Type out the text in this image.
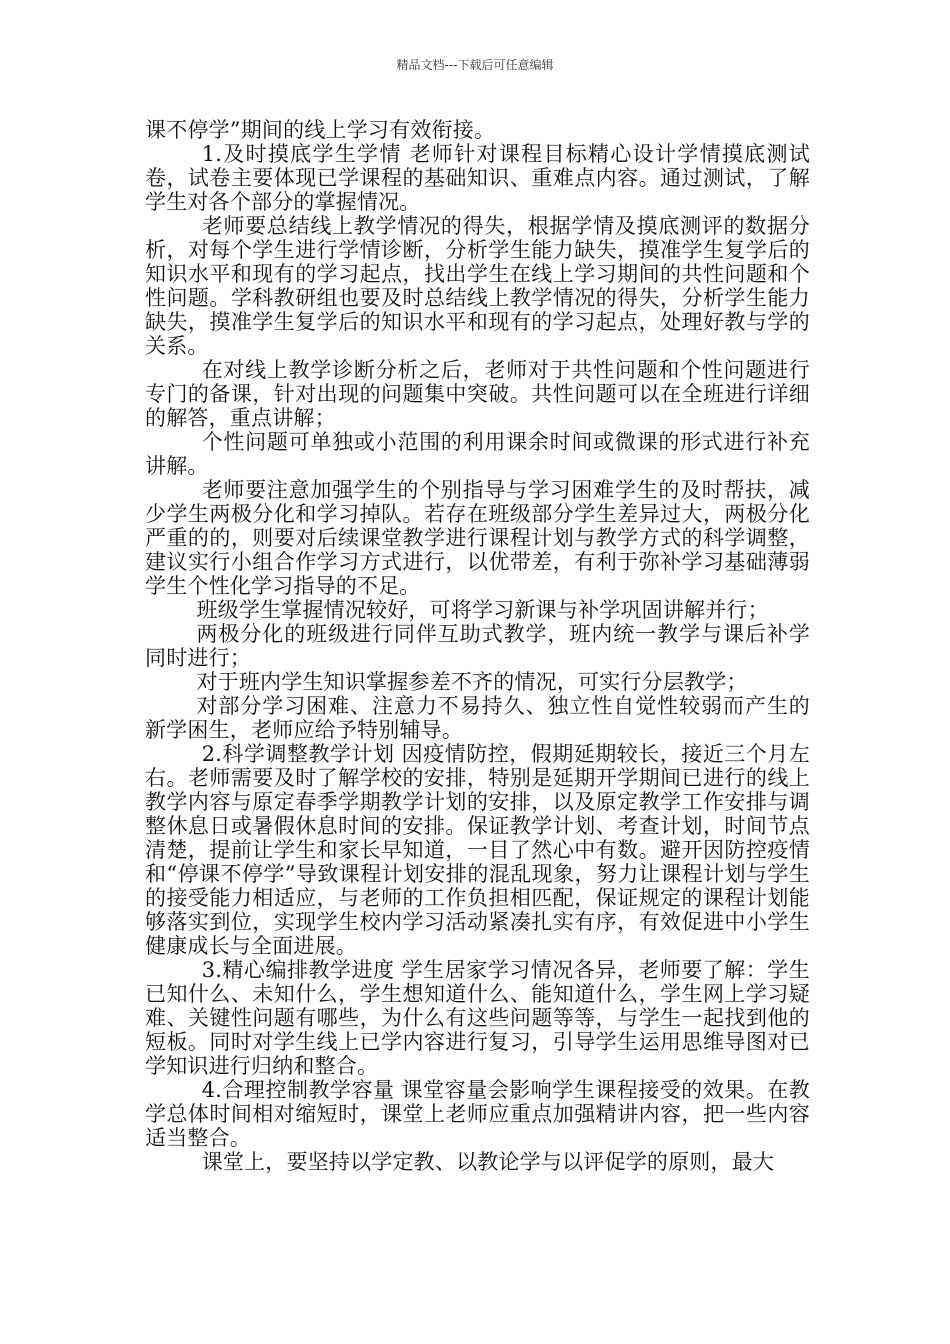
精品文档---下载后可任意编辑

课不停学”期间的线上学习有效衔接。

1.及时摸底学生学情 老师针对课程目标精心设计学情摸底测试卷，试卷主要体现已学课程的基础知识、重难点内容。通过测试，了解学生对各个部分的掌握情况。

老师要总结线上教学情况的得失，根据学情及摸底测评的数据分析，对每个学生进行学情诊断，分析学生能力缺失，摸准学生复学后的知识水平和现有的学习起点，找出学生在线上学习期间的共性问题和个性问题。学科教研组也要及时总结线上教学情况的得失，分析学生能力缺失，摸准学生复学后的知识水平和现有的学习起点，处理好教与学的关系。

在对线上教学诊断分析之后，老师对于共性问题和个性问题进行专门的备课，针对出现的问题集中突破。共性问题可以在全班进行详细的解答，重点讲解；

个性问题可单独或小范围的利用课余时间或微课的形式进行补充讲解。

老师要注意加强学生的个别指导与学习困难学生的及时帮扶，减少学生两极分化和学习掉队。若存在班级部分学生差异过大，两极分化严重的的，则要对后续课堂教学进行课程计划与教学方式的科学调整，建议实行小组合作学习方式进行，以优带差，有利于弥补学习基础薄弱学生个性化学习指导的不足。

班级学生掌握情况较好，可将学习新课与补学巩固讲解并行；

两极分化的班级进行同伴互助式教学，班内统一教学与课后补学同时进行；

对于班内学生知识掌握参差不齐的情况，可实行分层教学；

对部分学习困难、注意力不易持久、独立性自觉性较弱而产生的新学困生，老师应给予特别辅导。

2.科学调整教学计划 因疫情防控，假期延期较长，接近三个月左右。老师需要及时了解学校的安排，特别是延期开学期间已进行的线上教学内容与原定春季学期教学计划的安排，以及原定教学工作安排与调整休息日或暑假休息时间的安排。保证教学计划、考查计划，时间节点清楚，提前让学生和家长早知道，一目了然心中有数。避开因防控疫情和“停课不停学”导致课程计划安排的混乱现象，努力让课程计划与学生的接受能力相适应，与老师的工作负担相匹配，保证规定的课程计划能够落实到位，实现学生校内学习活动紧凑扎实有序，有效促进中小学生健康成长与全面进展。

3.精心编排教学进度 学生居家学习情况各异，老师要了解：学生已知什么、未知什么，学生想知道什么、能知道什么，学生网上学习疑难、关键性问题有哪些，为什么有这些问题等等，与学生一起找到他的短板。同时对学生线上已学内容进行复习，引导学生运用思维导图对已学知识进行归纳和整合。

4.合理控制教学容量 课堂容量会影响学生课程接受的效果。在教学总体时间相对缩短时，课堂上老师应重点加强精讲内容，把一些内容适当整合。

课堂上，要坚持以学定教、以教论学与以评促学的原则，最大
